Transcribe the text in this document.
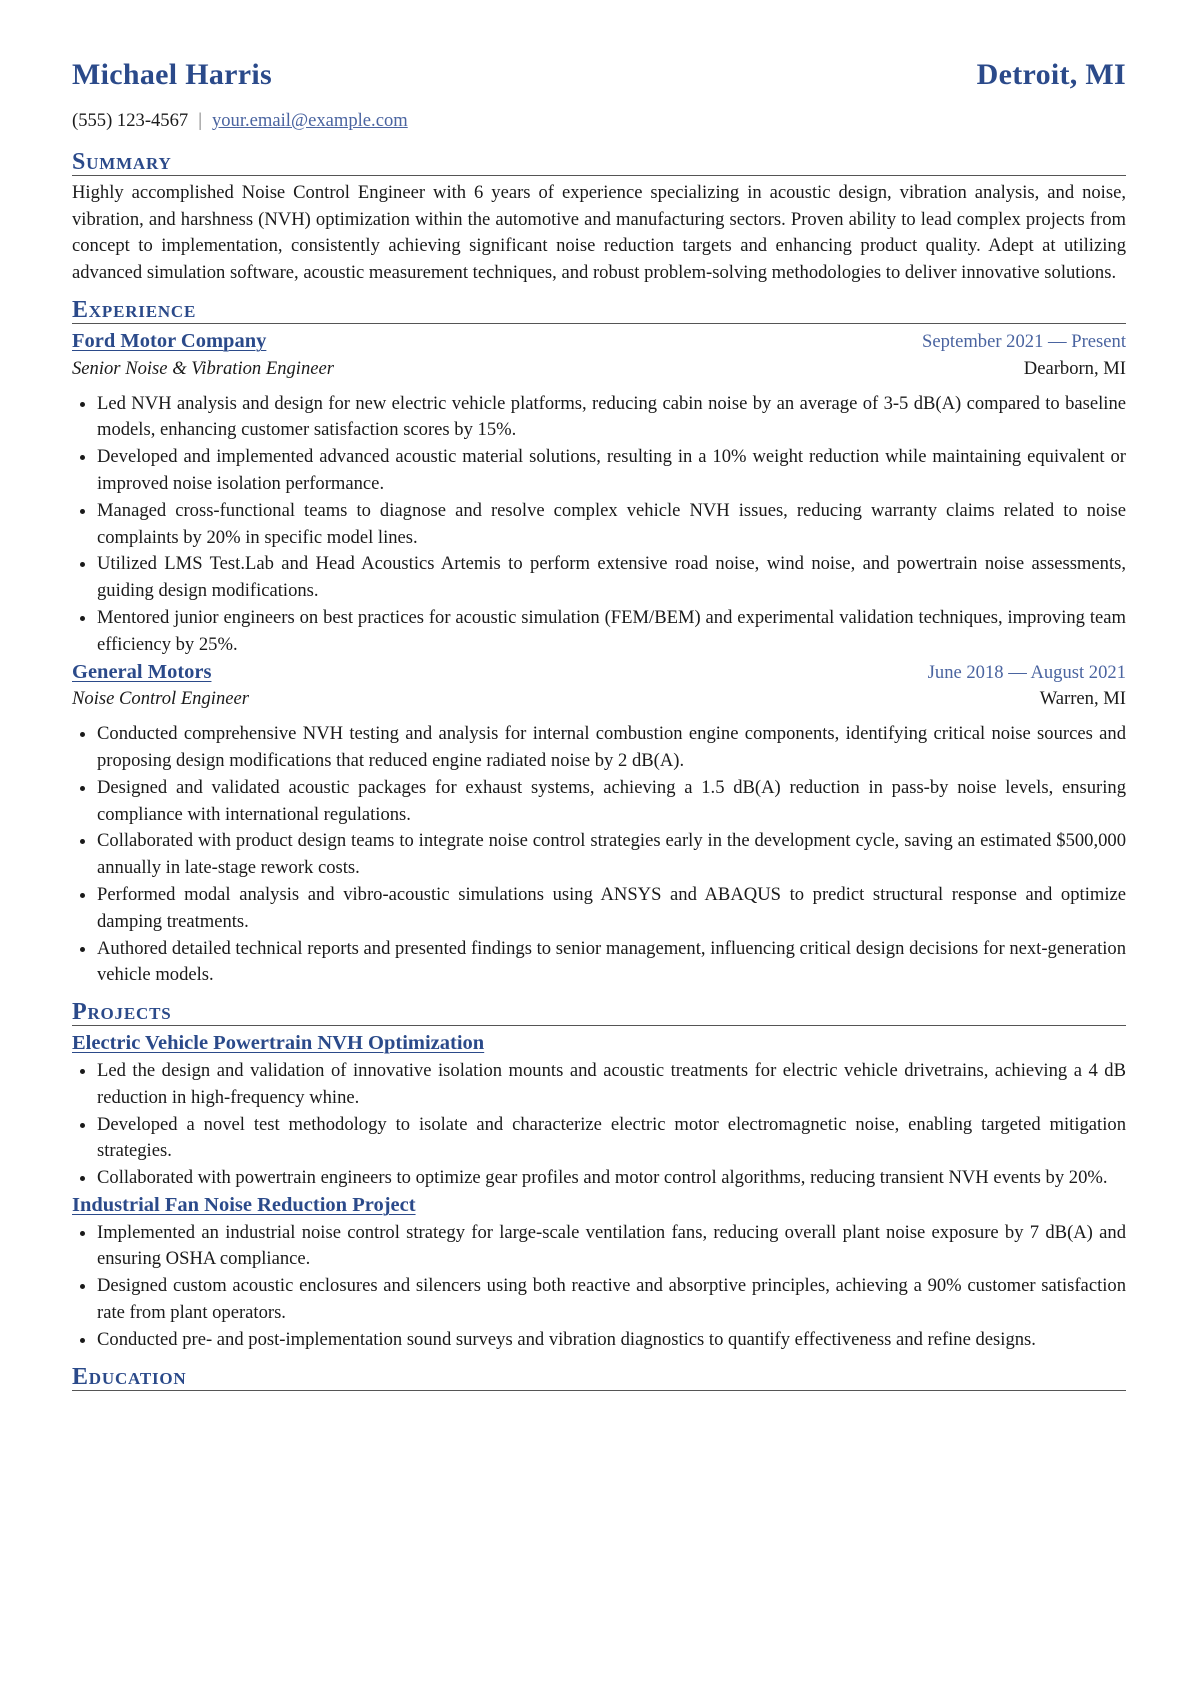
Michael Harris	Detroit, MI
(555) 123-4567 | your.email@example.com
Summary

Highly accomplished Noise Control Engineer with 6 years of experience specializing in acoustic design, vibration analysis, and noise, vibration, and harshness (NVH) optimization within the automotive and manufacturing sectors. Proven ability to lead complex projects from concept to implementation, consistently achieving significant noise reduction targets and enhancing product quality. Adept at utilizing advanced simulation software, acoustic measurement techniques, and robust problem-solving methodologies to deliver innovative solutions.

Experience
Ford Motor Company	September 2021 — Present
Senior Noise & Vibration Engineer	Dearborn, MI
Led NVH analysis and design for new electric vehicle platforms, reducing cabin noise by an average of 3-5 dB(A) compared to baseline models, enhancing customer satisfaction scores by 15%.
Developed and implemented advanced acoustic material solutions, resulting in a 10% weight reduction while maintaining equivalent or improved noise isolation performance.
Managed cross-functional teams to diagnose and resolve complex vehicle NVH issues, reducing warranty claims related to noise complaints by 20% in specific model lines.
Utilized LMS Test.Lab and Head Acoustics Artemis to perform extensive road noise, wind noise, and powertrain noise assessments, guiding design modifications.
Mentored junior engineers on best practices for acoustic simulation (FEM/BEM) and experimental validation techniques, improving team efficiency by 25%.
General Motors	June 2018 — August 2021
Noise Control Engineer	Warren, MI
Conducted comprehensive NVH testing and analysis for internal combustion engine components, identifying critical noise sources and proposing design modifications that reduced engine radiated noise by 2 dB(A).
Designed and validated acoustic packages for exhaust systems, achieving a 1.5 dB(A) reduction in pass-by noise levels, ensuring compliance with international regulations.
Collaborated with product design teams to integrate noise control strategies early in the development cycle, saving an estimated $500,000 annually in late-stage rework costs.
Performed modal analysis and vibro-acoustic simulations using ANSYS and ABAQUS to predict structural response and optimize damping treatments.
Authored detailed technical reports and presented findings to senior management, influencing critical design decisions for next-generation vehicle models.
Projects
Electric Vehicle Powertrain NVH Optimization
Led the design and validation of innovative isolation mounts and acoustic treatments for electric vehicle drivetrains, achieving a 4 dB reduction in high-frequency whine.
Developed a novel test methodology to isolate and characterize electric motor electromagnetic noise, enabling targeted mitigation strategies.
Collaborated with powertrain engineers to optimize gear profiles and motor control algorithms, reducing transient NVH events by 20%.
Industrial Fan Noise Reduction Project
Implemented an industrial noise control strategy for large-scale ventilation fans, reducing overall plant noise exposure by 7 dB(A) and ensuring OSHA compliance.
Designed custom acoustic enclosures and silencers using both reactive and absorptive principles, achieving a 90% customer satisfaction rate from plant operators.
Conducted pre- and post-implementation sound surveys and vibration diagnostics to quantify effectiveness and refine designs.
Education
